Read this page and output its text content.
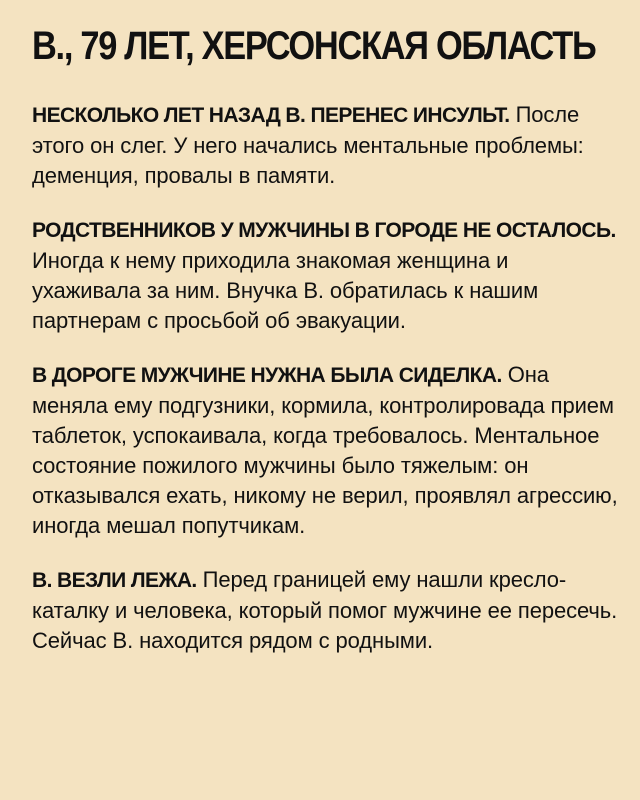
В., 79 ЛЕТ, ХЕРСОНСКАЯ ОБЛАСТЬ

НЕСКОЛЬКО ЛЕТ НАЗАД В. ПЕРЕНЕС ИНСУЛЬТ. После этого он слег. У него начались ментальные проблемы: деменция, провалы в памяти.

РОДСТВЕННИКОВ У МУЖЧИНЫ В ГОРОДЕ НЕ ОСТАЛОСЬ. Иногда к нему приходила знакомая женщина и ухаживала за ним. Внучка В. обратилась к нашим партнерам с просьбой об эвакуации.

В ДОРОГЕ МУЖЧИНЕ НУЖНА БЫЛА СИДЕЛКА. Она меняла ему подгузники, кормила, контролировада прием таблеток, успокаивала, когда требовалось. Ментальное состояние пожилого мужчины было тяжелым: он отказывался ехать, никому не верил, проявлял агрессию, иногда мешал попутчикам.

В. ВЕЗЛИ ЛЕЖА. Перед границей ему нашли кресло-каталку и человека, который помог мужчине ее пересечь. Сейчас В. находится рядом с родными.
